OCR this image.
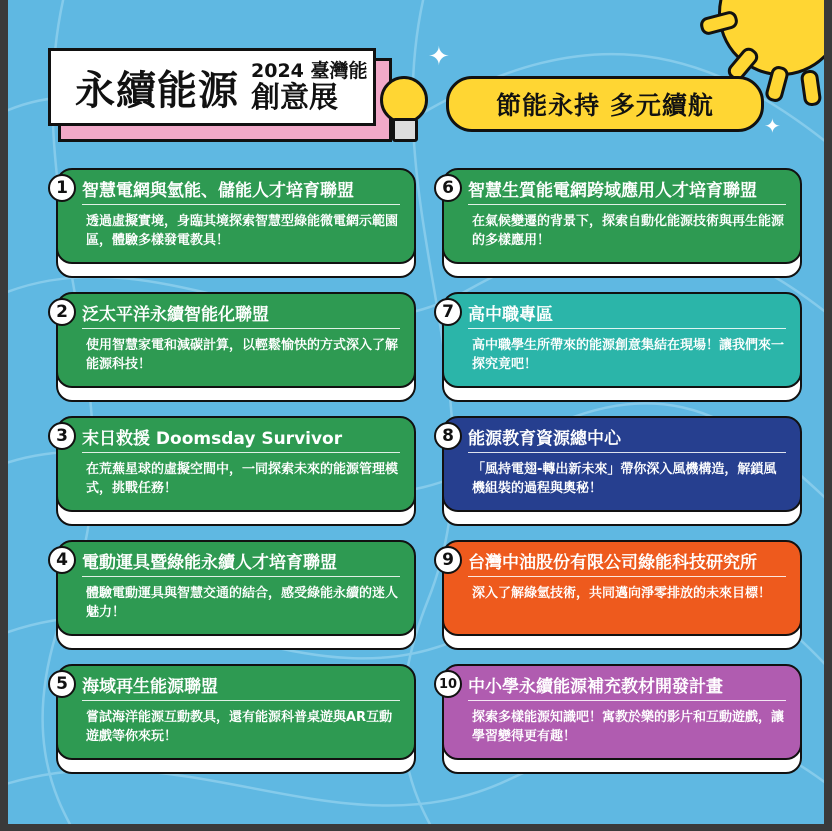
✦
✦
永續能源 2024 臺灣能
創意展	節能永持 多元續航
1 智慧電網與氫能、儲能人才培育聯盟
透過虛擬實境，身臨其境探索智慧型綠能微電網示範園區，體驗多樣發電教具！
2 泛太平洋永續智能化聯盟
使用智慧家電和減碳計算，以輕鬆愉快的方式深入了解能源科技！
3 末日救援 Doomsday Survivor
在荒蕪星球的虛擬空間中，一同探索未來的能源管理模式，挑戰任務！
4 電動運具暨綠能永續人才培育聯盟
體驗電動運具與智慧交通的結合，感受綠能永續的迷人魅力！
5 海域再生能源聯盟
嘗試海洋能源互動教具，還有能源科普桌遊與AR互動遊戲等你來玩！
6 智慧生質能電網跨域應用人才培育聯盟
在氣候變遷的背景下，探索自動化能源技術與再生能源的多樣應用！
7 高中職專區
高中職學生所帶來的能源創意集結在現場！讓我們來一探究竟吧！
8 能源教育資源總中心
「風持電翅-轉出新未來」帶你深入風機構造，解鎖風機組裝的過程與奧秘！
9 台灣中油股份有限公司綠能科技研究所
深入了解綠氫技術，共同邁向淨零排放的未來目標！
10 中小學永續能源補充教材開發計畫
探索多樣能源知識吧！寓教於樂的影片和互動遊戲，讓學習變得更有趣！
